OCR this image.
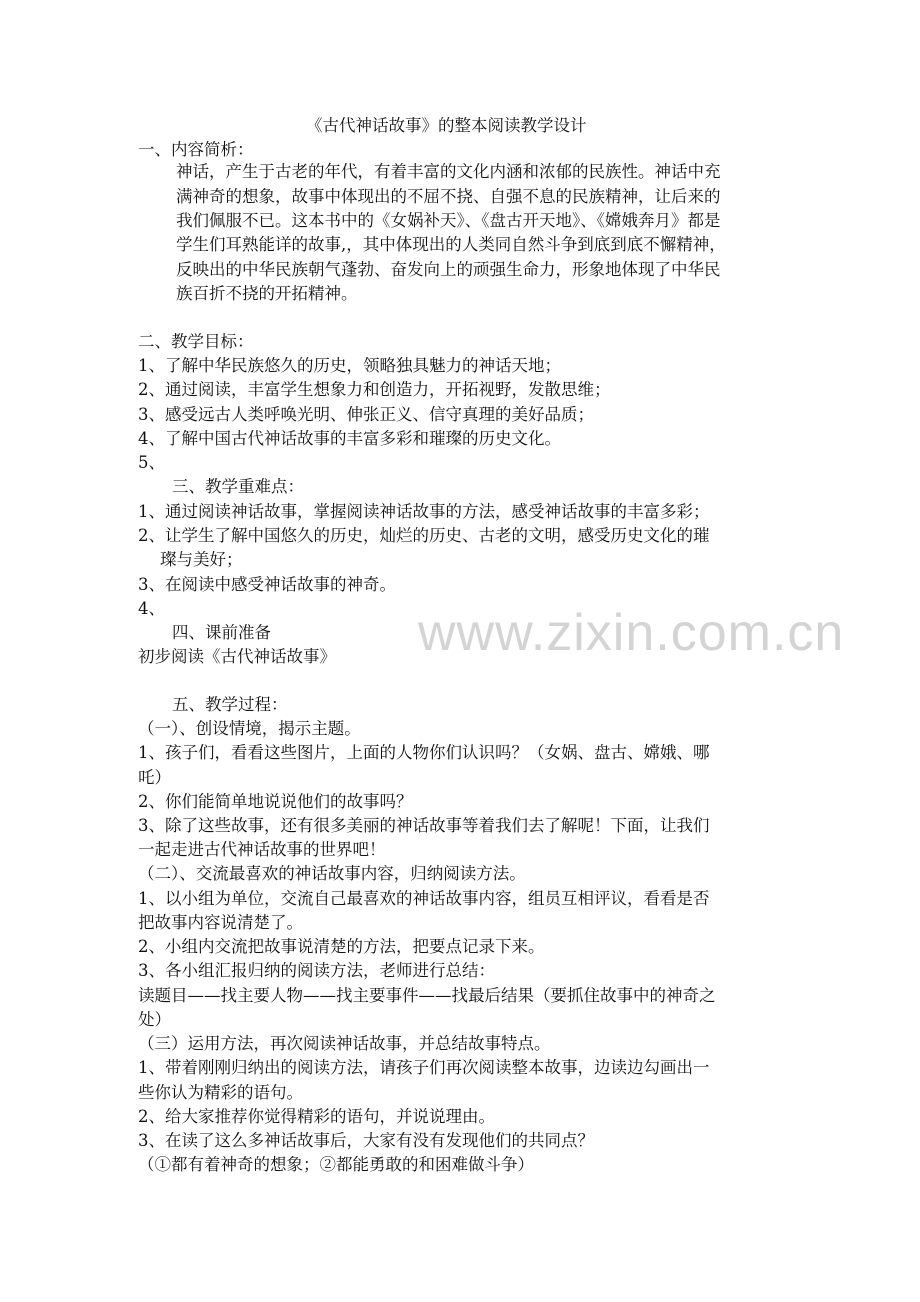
《古代神话故事》的整本阅读教学设计
一、内容简析：
神话，产生于古老的年代，有着丰富的文化内涵和浓郁的民族性。神话中充
满神奇的想象，故事中体现出的不屈不挠、自强不息的民族精神，让后来的
我们佩服不已。这本书中的《女娲补天》、《盘古开天地》、《嫦娥奔月》都是
学生们耳熟能详的故事,，其中体现出的人类同自然斗争到底到底不懈精神，
反映出的中华民族朝气蓬勃、奋发向上的顽强生命力，形象地体现了中华民
族百折不挠的开拓精神。
二、教学目标：
1、了解中华民族悠久的历史，领略独具魅力的神话天地；
2、通过阅读，丰富学生想象力和创造力，开拓视野，发散思维；
3、感受远古人类呼唤光明、伸张正义、信守真理的美好品质；
4、了解中国古代神话故事的丰富多彩和璀璨的历史文化。
5、
三、教学重难点：
1、通过阅读神话故事，掌握阅读神话故事的方法，感受神话故事的丰富多彩；
2、让学生了解中国悠久的历史，灿烂的历史、古老的文明，感受历史文化的璀
璨与美好；
3、在阅读中感受神话故事的神奇。
4、	www.zixin.com.cn
四、课前准备
初步阅读《古代神话故事》
五、教学过程：
（一）、创设情境，揭示主题。
1、孩子们，看看这些图片，上面的人物你们认识吗？（女娲、盘古、嫦娥、哪
吒）
2、你们能简单地说说他们的故事吗？
3、除了这些故事，还有很多美丽的神话故事等着我们去了解呢！下面，让我们
一起走进古代神话故事的世界吧！
（二）、交流最喜欢的神话故事内容，归纳阅读方法。
1、以小组为单位，交流自己最喜欢的神话故事内容，组员互相评议，看看是否
把故事内容说清楚了。
2、小组内交流把故事说清楚的方法，把要点记录下来。
3、各小组汇报归纳的阅读方法，老师进行总结：
读题目——找主要人物——找主要事件——找最后结果（要抓住故事中的神奇之
处）
（三）运用方法，再次阅读神话故事，并总结故事特点。
1、带着刚刚归纳出的阅读方法，请孩子们再次阅读整本故事，边读边勾画出一
些你认为精彩的语句。
2、给大家推荐你觉得精彩的语句，并说说理由。
3、在读了这么多神话故事后，大家有没有发现他们的共同点？
（①都有着神奇的想象；②都能勇敢的和困难做斗争）
